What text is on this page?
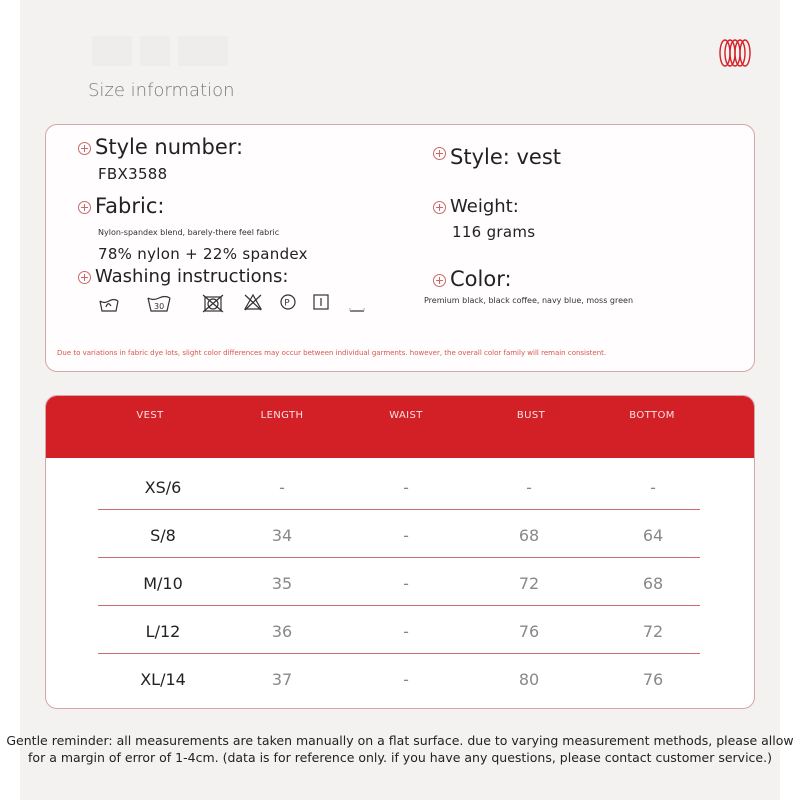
Size information
Style number:
FBX3588
Style: vest
Fabric:
Nylon-spandex blend, barely-there feel fabric
78% nylon + 22% spandex
Weight:
116 grams
Washing instructions:
30	P
Color:
Premium black, black coffee, navy blue, moss green
Due to variations in fabric dye lots, slight color differences may occur between individual garments. however, the overall color family will remain consistent.
VEST	LENGTH	WAIST	BUST	BOTTOM
XS/6	-	-	-	-
S/8	34	-	68	64
M/10	35	-	72	68
L/12	36	-	76	72
XL/14	37	-	80	76
Gentle reminder: all measurements are taken manually on a flat surface. due to varying measurement methods, please allow
for a margin of error of 1-4cm. (data is for reference only. if you have any questions, please contact customer service.)
